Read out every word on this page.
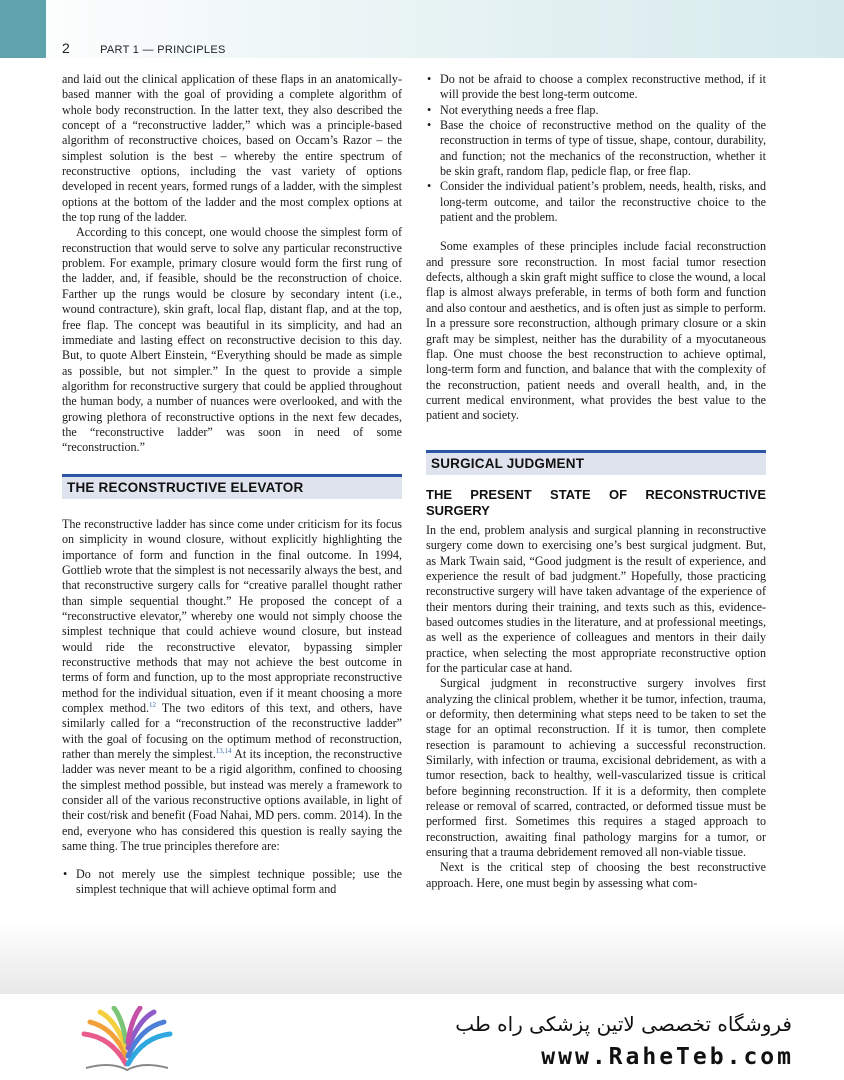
2	PART 1 — PRINCIPLES

and laid out the clinical application of these flaps in an anatomically-based manner with the goal of providing a complete algorithm of whole body reconstruction. In the latter text, they also described the concept of a “reconstructive ladder,” which was a principle-based algorithm of reconstructive choices, based on Occam’s Razor – the simplest solution is the best – whereby the entire spectrum of reconstructive options, including the vast variety of options developed in recent years, formed rungs of a ladder, with the simplest options at the bottom of the ladder and the most complex options at the top rung of the ladder.

According to this concept, one would choose the simplest form of reconstruction that would serve to solve any particular reconstructive problem. For example, primary closure would form the first rung of the ladder, and, if feasible, should be the reconstruction of choice. Farther up the rungs would be closure by secondary intent (i.e., wound contracture), skin graft, local flap, distant flap, and at the top, free flap. The concept was beautiful in its simplicity, and had an immediate and lasting effect on reconstructive decision to this day. But, to quote Albert Einstein, “Everything should be made as simple as possible, but not simpler.” In the quest to provide a simple algorithm for reconstructive surgery that could be applied throughout the human body, a number of nuances were overlooked, and with the growing plethora of reconstructive options in the next few decades, the “reconstructive ladder” was soon in need of some “reconstruction.”

THE RECONSTRUCTIVE ELEVATOR

The reconstructive ladder has since come under criticism for its focus on simplicity in wound closure, without explicitly highlighting the importance of form and function in the final outcome. In 1994, Gottlieb wrote that the simplest is not necessarily always the best, and that reconstructive surgery calls for “creative parallel thought rather than simple sequential thought.” He proposed the concept of a “reconstructive elevator,” whereby one would not simply choose the simplest technique that could achieve wound closure, but instead would ride the reconstructive elevator, bypassing simpler reconstructive methods that may not achieve the best outcome in terms of form and function, up to the most appropriate reconstructive method for the individual situation, even if it meant choosing a more complex method.$^{12}$ The two editors of this text, and others, have similarly called for a “reconstruction of the reconstructive ladder” with the goal of focusing on the optimum method of reconstruction, rather than merely the simplest.$^{13,14}$ At its inception, the reconstructive ladder was never meant to be a rigid algorithm, confined to choosing the simplest method possible, but instead was merely a framework to consider all of the various reconstructive options available, in light of their cost/risk and benefit (Foad Nahai, MD pers. comm. 2014). In the end, everyone who has considered this question is really saying the same thing. The true principles therefore are:

• Do not merely use the simplest technique possible; use the simplest technique that will achieve optimal form and
• Do not be afraid to choose a complex reconstructive method, if it will provide the best long-term outcome.
• Not everything needs a free flap.
• Base the choice of reconstructive method on the quality of the reconstruction in terms of type of tissue, shape, contour, durability, and function; not the mechanics of the reconstruction, whether it be skin graft, random flap, pedicle flap, or free flap.
• Consider the individual patient’s problem, needs, health, risks, and long-term outcome, and tailor the reconstructive choice to the patient and the problem.

Some examples of these principles include facial reconstruction and pressure sore reconstruction. In most facial tumor resection defects, although a skin graft might suffice to close the wound, a local flap is almost always preferable, in terms of both form and function and also contour and aesthetics, and is often just as simple to perform. In a pressure sore reconstruction, although primary closure or a skin graft may be simplest, neither has the durability of a myocutaneous flap. One must choose the best reconstruction to achieve optimal, long-term form and function, and balance that with the complexity of the reconstruction, patient needs and overall health, and, in the current medical environment, what provides the best value to the patient and society.

SURGICAL JUDGMENT
THE PRESENT STATE OF RECONSTRUCTIVE SURGERY

In the end, problem analysis and surgical planning in reconstructive surgery come down to exercising one’s best surgical judgment. But, as Mark Twain said, “Good judgment is the result of experience, and experience the result of bad judgment.” Hopefully, those practicing reconstructive surgery will have taken advantage of the experience of their mentors during their training, and texts such as this, evidence-based outcomes studies in the literature, and at professional meetings, as well as the experience of colleagues and mentors in their daily practice, when selecting the most appropriate reconstructive option for the particular case at hand.

Surgical judgment in reconstructive surgery involves first analyzing the clinical problem, whether it be tumor, infection, trauma, or deformity, then determining what steps need to be taken to set the stage for an optimal reconstruction. If it is tumor, then complete resection is paramount to achieving a successful reconstruction. Similarly, with infection or trauma, excisional debridement, as with a tumor resection, back to healthy, well-vascularized tissue is critical before beginning reconstruction. If it is a deformity, then complete release or removal of scarred, contracted, or deformed tissue must be performed first. Sometimes this requires a staged approach to reconstruction, awaiting final pathology margins for a tumor, or ensuring that a trauma debridement removed all non-viable tissue.

Next is the critical step of choosing the best reconstructive approach. Here, one must begin by assessing what com-

فروشگاه تخصصی لاتین پزشکی راه طب
www.RaheTeb.com
